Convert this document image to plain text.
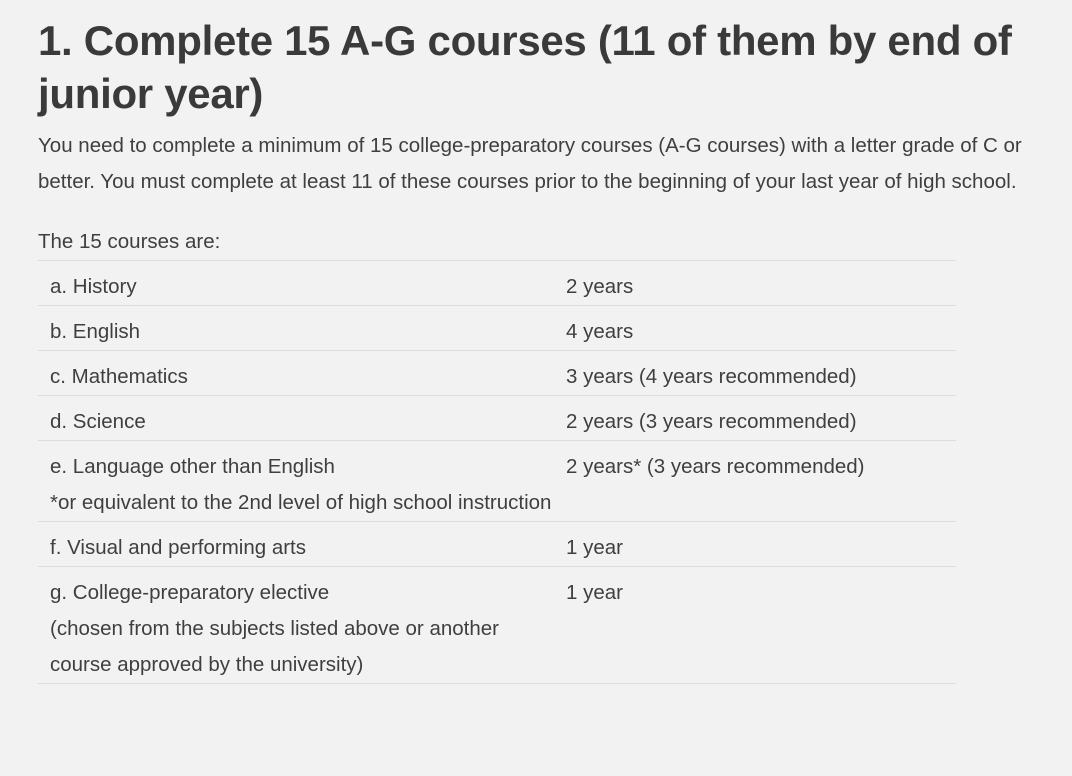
1. Complete 15 A-G courses (11 of them by end of junior year)

You need to complete a minimum of 15 college-preparatory courses (A-G courses) with a letter grade of C or better. You must complete at least 11 of these courses prior to the beginning of your last year of high school.

The 15 courses are:
a. History	2 years

b. English	4 years

c. Mathematics	3 years (4 years recommended)

d. Science	2 years (3 years recommended)

e. Language other than English
*or equivalent to the 2nd level of high school instruction	2 years* (3 years recommended)

f. Visual and performing arts	1 year

g. College-preparatory elective
(chosen from the subjects listed above or another course approved by the university)	1 year
